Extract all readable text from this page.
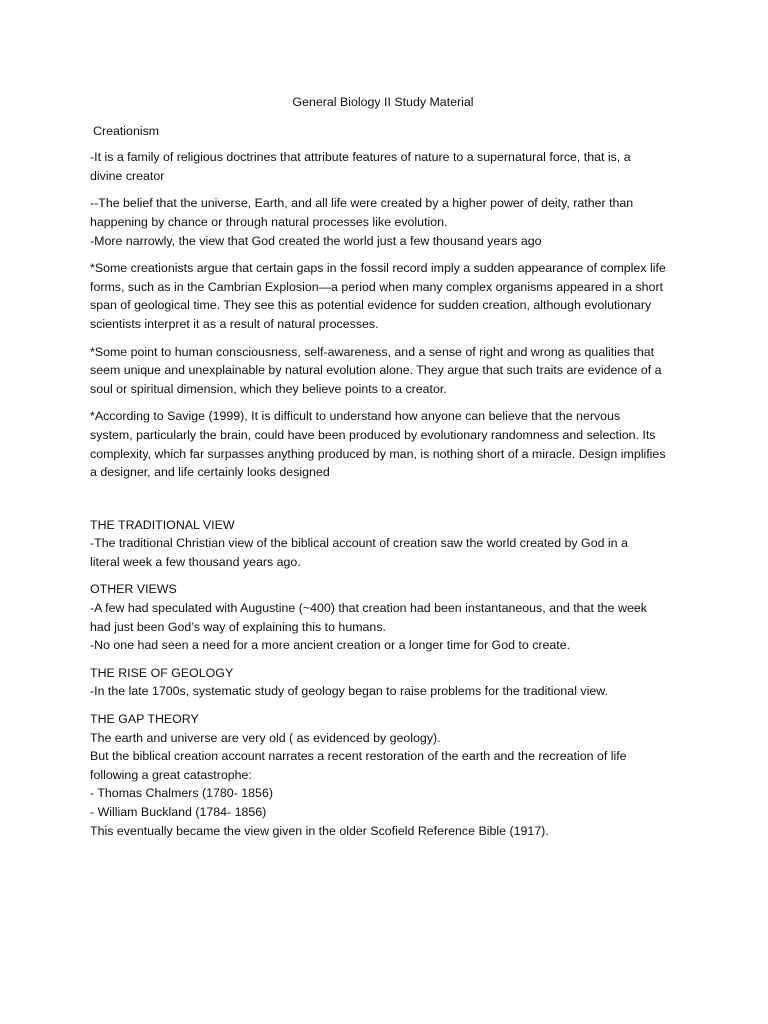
General Biology II Study Material
Creationism
-It is a family of religious doctrines that attribute features of nature to a supernatural force, that is, a
divine creator
--The belief that the universe, Earth, and all life were created by a higher power of deity, rather than
happening by chance or through natural processes like evolution.
-More narrowly, the view that God created the world just a few thousand years ago
*Some creationists argue that certain gaps in the fossil record imply a sudden appearance of complex life
forms, such as in the Cambrian Explosion—a period when many complex organisms appeared in a short
span of geological time. They see this as potential evidence for sudden creation, although evolutionary
scientists interpret it as a result of natural processes.
*Some point to human consciousness, self-awareness, and a sense of right and wrong as qualities that
seem unique and unexplainable by natural evolution alone. They argue that such traits are evidence of a
soul or spiritual dimension, which they believe points to a creator.
*According to Savige (1999), It is difficult to understand how anyone can believe that the nervous
system, particularly the brain, could have been produced by evolutionary randomness and selection. Its
complexity, which far surpasses anything produced by man, is nothing short of a miracle. Design implifies
a designer, and life certainly looks designed
THE TRADITIONAL VIEW
-The traditional Christian view of the biblical account of creation saw the world created by God in a
literal week a few thousand years ago.
OTHER VIEWS
-A few had speculated with Augustine (~400) that creation had been instantaneous, and that the week
had just been God’s way of explaining this to humans.
-No one had seen a need for a more ancient creation or a longer time for God to create.
THE RISE OF GEOLOGY
-In the late 1700s, systematic study of geology began to raise problems for the traditional view.
THE GAP THEORY
The earth and universe are very old ( as evidenced by geology).
But the biblical creation account narrates a recent restoration of the earth and the recreation of life
following a great catastrophe:
- Thomas Chalmers (1780- 1856)
- William Buckland (1784- 1856)
This eventually became the view given in the older Scofield Reference Bible (1917).
